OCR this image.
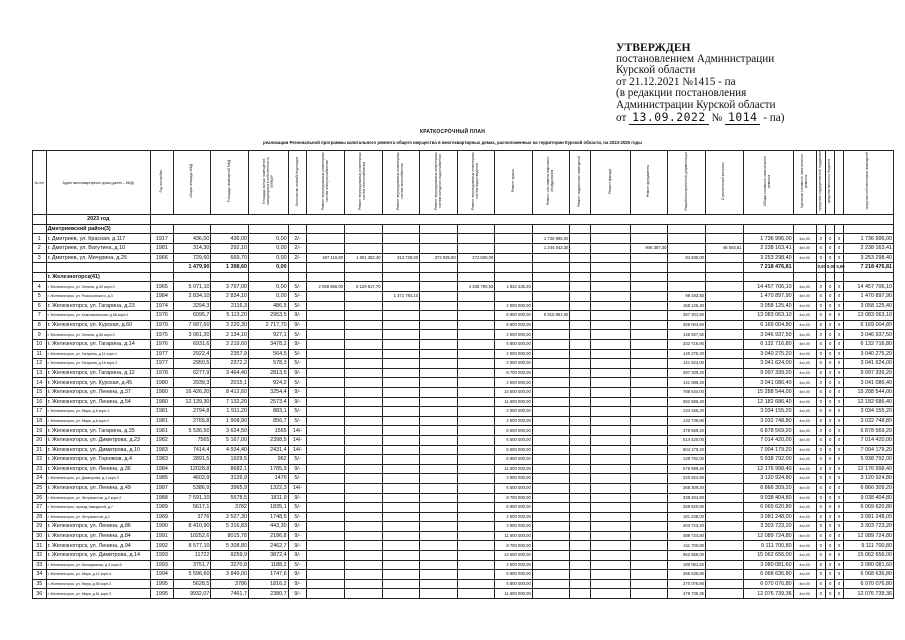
УТВЕРЖДЕН
постановлением Администрации
Курской области
от 21.12.2021 №1415 - па
(в редакции постановления
Администрации Курской области
от 13.09.2022 № 1014 - па)
КРАТКОСРОЧНЫЙ ПЛАН
реализации Региональной программы капитального ремонта общего имущества в многоквартирных домах, расположенных на территории Курской области, на 2023-2025 годы
№ п/п	Адрес многоквартирного дома (далее – МКД)	Год постройки	общая площадь МКД	Площадь помещений МКД	Площадь жилых помещений, находящихся в собственности граждан	Количество этажей/ подъездов	Ремонт внутридомовых инженерных систем электроснабжения	Ремонт внутридомовых инженерных систем теплоснабжения	Ремонт внутридомовых инженерных систем газоснабжения	Ремонт внутридомовых инженерных систем холодного водоснабжения	Ремонт внутридомовых инженерных систем водоотведения	Ремонт крыши	Ремонт или замена лифтового оборудования	Ремонт подвальных помещений	Ремонт фасада	Ремонт фундамента	Разработка проектной документации	Строительный контроль	Общая стоимость капитального ремонта	Удельная стоимость капитального ремонта	средства государственной поддержки	средства местного бюджета		средства собственников помещений
	2023 год																							
	Дмитриевский район(3)																							
1	г. Дмитриев, ул. Красная, д.117	1917	436,00	436,00	0,00	2/-							1 736 996,00						1 736 996,00	4xx,00	0	0	0	1 736 996,00
2	г. Дмитриев, ул. Ватутина, д.10	1981	314,30	292,10	0,00	2/-							1 244 042,30			946 357,30		46 693,81	2 238 163,41	4xx,00	0	0	0	2 238 163,41
3	г. Дмитриев, ул. Мичурина, д.25	1966	729,60	669,70	0,00	2/-	467 116,80	1 601 382,40	313 728,00	372 925,60	272 600,00						84 635,00		3 253 298,40	4xx,00	0	0	0	3 253 298,40
			1 479,90	1 398,60	0,00														7 218 476,81		0,00	0,00	0,00	7 218 476,81
	г. Железногорск(41)																							
4	г. Железногорск, ул. Ленина, д.32 корп.3	1965	5 071,10	3 797,00	0,00	5/-	2 058 866,00	8 129 817,70			4 335 790,53	1 842 235,20							14 457 706,10	4xx,00	0	0	0	14 457 706,10
5	г. Железногорск, ул. Рокоссовского, д.3	1984	2 834,10	2 834,10	0,00	5/-			1 371 784,10								99 193,50		1 470 897,90	4xx,00	0	0	0	1 470 897,90
6	г. Железногорск, ул. Гагарина, д.23	1974	3294,3	2116,3	486,5	5/-						2 900 000,00					158 125,40		3 058 125,40	4xx,00	0	0	0	3 058 125,40
7	г. Железногорск, ул. Комсомольская, д.56 корп.2	1976	6095,7	5 113,20	2953,5	9/-						5 800 000,00	6 915 861,00				367 201,60		13 083 063,10	4xx,00	0	0	0	13 083 063,10
8	г. Железногорск, ул. Курская, д.60	1979	7 687,60	3 220,30	2 717,70	9/-						5 800 000,00					369 004,80		6 169 004,80	4xx,00	0	0	0	6 169 004,80
9	г. Железногорск, ул. Ленина, д.56 корп.3	1975	3 061,20	2 134,10	927,1	5/-						2 900 000,00					146 937,50		3 046 937,50	4xx,00	0	0	0	3 046 937,50
10	г. Железногорск, ул. Гагарина, д.14	1976	6931,6	3 219,60	3478,2	9/-						5 800 000,00					332 716,80		6 132 716,80	4xx,00	0	0	0	6 132 716,80
11	г. Железногорск, ул. Гагарина, д.11 корп.1	1977	2922,4	2357,9	564,5	5/-						2 900 000,00					140 275,20		3 040 275,20	4xx,00	0	0	0	3 040 275,20
12	г. Железногорск, ул. Гагарина, д.16 корп.2	1977	2950,5	2372,2	578,3	5/-						2 900 000,00					141 624,00		3 041 624,00	4xx,00	0	0	0	3 041 624,00
13	г. Железногорск, ул. Гагарина, д.12	1978	6277,9	3 464,40	2813,5	9/-						8 700 000,00					397 339,20		9 097 339,20	4xx,00	0	0	0	9 097 339,20
14	г. Железногорск, ул. Курская, д.45	1980	2939,3	2015,1	924,2	5/-						2 900 000,00					141 086,40		3 041 086,40	4xx,00	0	0	0	3 041 086,40
15	г. Железногорск, ул. Ленина, д.37	1980	16 426,20	8 412,60	3254,4	9/-						14 500 000,00					788 544,00		15 288 544,00	4xx,00	0	0	0	15 288 544,00
16	г. Железногорск, ул. Ленина, д.54	1980	12 139,30	7 132,20	2573,4	9/-						11 600 000,00					582 686,40		12 182 686,40	4xx,00	0	0	0	12 182 686,40
17	г. Железногорск, ул. Мира, д.6 корп.1	1981	2794,8	1 911,20	883,1	5/-						2 900 000,00					134 155,20		3 034 155,20	4xx,00	0	0	0	3 034 155,20
18	г. Железногорск, ул. Мира, д.6 корп.2	1981	2765,8	1 908,90	856,7	5/-						2 900 000,00					132 748,80		3 032 748,80	4xx,00	0	0	0	3 032 748,80
19	г. Железногорск, ул. Гагарина, д.35	1981	5 536,50	3 624,50	1565	14/-						6 500 000,00					378 569,20		6 878 569,20	4xx,00	0	0	0	6 878 569,20
20	г. Железногорск, ул. Димитрова, д.23	1982	7565	5 167,00	2398,5	14/-						6 500 000,00					514 420,00		7 014 420,00	4xx,00	0	0	0	7 014 420,00
21	г. Железногорск, ул. Димитрова, д.10	1983	7414,4	4 934,40	2431,4	14/-						6 500 000,00					504 179,20		7 004 179,20	4xx,00	0	0	0	7 004 179,20
22	г. Железногорск, ул. Горняков, д.4	1983	2891,5	1929,5	962	5/-						5 800 000,00					138 792,00		5 938 792,00	4xx,00	0	0	0	5 938 792,00
23	г. Железногорск, ул. Ленина, д.36	1984	12028,8	8682,1	1785,9	9/-						11 600 000,00					576 998,40		12 176 998,40	4xx,00	0	0	0	12 176 998,40
24	г. Железногорск, ул. Димитрова, д.1 корп.3	1985	4602,9	3126,9	1476	5/-						2 900 000,00					220 924,80		3 120 924,80	4xx,00	0	0	0	3 120 924,80
25	г. Железногорск, ул. Ленина, д.49	1987	5386,9	3965,9	1322,3	14/-						6 500 000,00					366 309,20		6 866 309,20	4xx,00	0	0	0	6 866 309,20
26	г. Железногорск, ул. Энтузиастов, д.2 корп.2	1988	7 591,10	5578,5	1811,9	9/-						8 700 000,00					338 404,80		9 038 404,80	4xx,00	0	0	0	9 038 404,80
27	г. Железногорск, проезд Заводской, д.7	1989	5617,1	3782	1835,1	5/-						5 800 000,00					269 620,80		6 069 620,80	4xx,00	0	0	0	6 069 620,80
28	г. Железногорск, ул. Энтузиастов, д.2	1989	3776	2 527,30	1748,5	5/-						2 900 000,00					181 248,00		3 081 248,00	4xx,00	0	0	0	3 081 248,00
29	г. Железногорск, ул. Ленина, д.86	1990	8 410,90	5 316,83	443,30	9/-						2 900 000,00					403 723,20		3 303 723,20	4xx,00	0	0	0	3 303 723,20
30	г. Железногорск, ул. Ленина, д.84	1991	10252,6	8015,78	2186,8	9/-						11 600 000,00					489 724,80		12 089 724,80	4xx,00	0	0	0	12 089 724,80
31	г. Железногорск, ул. Ленина, д.94	1992	8 577,10	5 308,80	2462,7	9/-						8 700 000,00					411 700,80		9 111 700,80	4xx,00	0	0	0	9 111 700,80
32	г. Железногорск, ул. Димитрова, д.14	1993	11722	9259,9	3872,4	9/-						14 500 000,00					562 656,00		15 062 656,00	4xx,00	0	0	0	15 062 656,00
33	г. Железногорск, ул. Молодежная, д.3 корп.5	1993	3751,7	3270,8	1188,2	5/-						2 900 000,00					180 081,60		3 080 081,60	4xx,00	0	0	0	3 080 081,60
34	г. Железногорск, ул. Мира, д.12 корп.4	1994	5 596,60	3 849,00	1747,6	9/-						5 800 000,00					268 636,80		6 068 636,80	4xx,00	0	0	0	6 068 636,80
35	г. Железногорск, ул. Мира, д.55 корп.2	1995	5628,5	3786	1816,2	9/-						5 800 000,00					270 076,80		6 070 076,80	4xx,00	0	0	0	6 070 076,80
36	г. Железногорск, ул. Мира, д.61 корп.3	1995	9932,07	7461,7	2380,7	9/-						11 600 000,00					476 739,36		12 076 739,36	4xx,00	0	0	0	12 076 739,36
